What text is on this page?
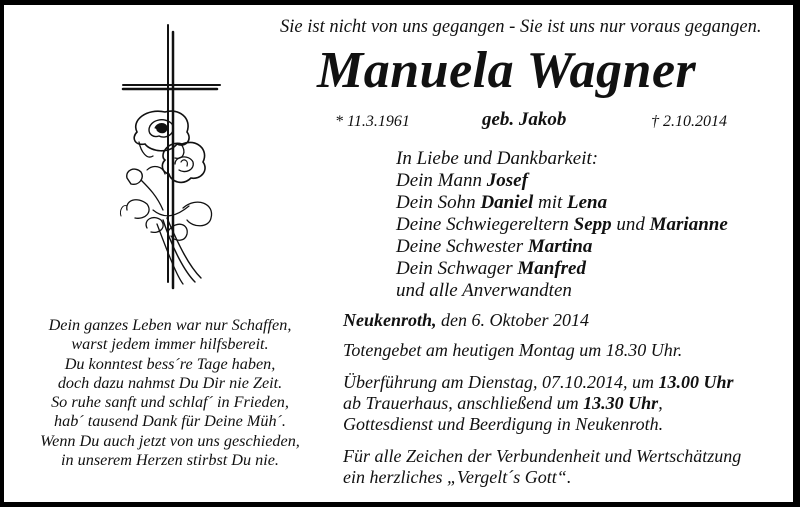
Sie ist nicht von uns gegangen - Sie ist uns nur voraus gegangen.
Manuela Wagner
* 11.3.1961	geb. Jakob	† 2.10.2014
In Liebe und Dankbarkeit:
Dein Mann Josef
Dein Sohn Daniel mit Lena
Deine Schwiegereltern Sepp und Marianne
Deine Schwester Martina
Dein Schwager Manfred
und alle Anverwandten
Dein ganzes Leben war nur Schaffen,
warst jedem immer hilfsbereit.
Du konntest bess´re Tage haben,
doch dazu nahmst Du Dir nie Zeit.
So ruhe sanft und schlaf´ in Frieden,
hab´ tausend Dank für Deine Müh´.
Wenn Du auch jetzt von uns geschieden,
in unserem Herzen stirbst Du nie.
Neukenroth, den 6. Oktober 2014
Totengebet am heutigen Montag um 18.30 Uhr.
Überführung am Dienstag, 07.10.2014, um 13.00 Uhr
ab Trauerhaus, anschließend um 13.30 Uhr,
Gottesdienst und Beerdigung in Neukenroth.
Für alle Zeichen der Verbundenheit und Wertschätzung
ein herzliches „Vergelt´s Gott“.
